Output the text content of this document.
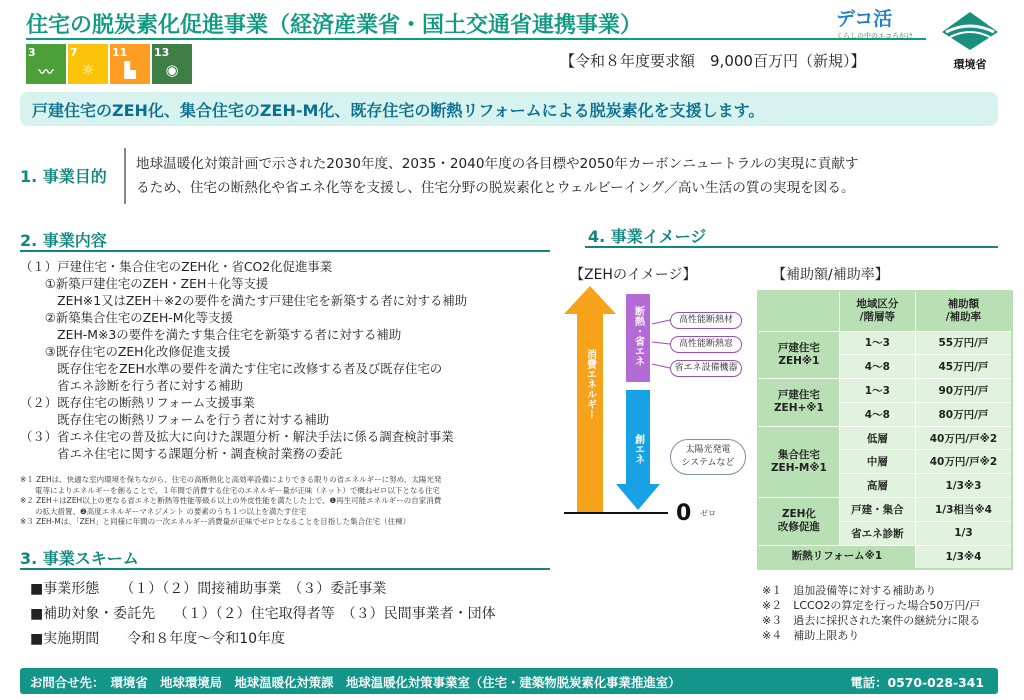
住宅の脱炭素化促進事業（経済産業省・国土交通省連携事業）
3
〰
7
☼
11
▙
13
◉	【令和８年度要求額　9,000百万円（新規）】
デコ活
くらしの中のエコろがけ
環境省
戸建住宅のZEH化、集合住宅のZEH-M化、既存住宅の断熱リフォームによる脱炭素化を支援します。
1. 事業目的
地球温暖化対策計画で示された2030年度、2035・2040年度の各目標や2050年カーボンニュートラルの実現に貢献す
るため、住宅の断熱化や省エネ化等を支援し、住宅分野の脱炭素化とウェルビーイング／高い生活の質の実現を図る。
2. 事業内容
（１）戸建住宅・集合住宅のZEH化・省CO2化促進事業
　　①新築戸建住宅のZEH・ZEH＋化等支援
　　　ZEH※1又はZEH＋※2の要件を満たす戸建住宅を新築する者に対する補助
　　②新築集合住宅のZEH-M化等支援
　　　ZEH-M※3の要件を満たす集合住宅を新築する者に対する補助
　　③既存住宅のZEH化改修促進支援
　　　既存住宅をZEH水準の要件を満たす住宅に改修する者及び既存住宅の
　　　省エネ診断を行う者に対する補助
（２）既存住宅の断熱リフォーム支援事業
　　　既存住宅の断熱リフォームを行う者に対する補助
（３）省エネ住宅の普及拡大に向けた課題分析・解決手法に係る調査検討事業
　　　省エネ住宅に関する課題分析・調査検討業務の委託
※１ ZEHは、快適な室内環境を保ちながら、住宅の高断熱化と高効率設備によりできる限りの省エネルギーに努め、太陽光発
　　電等によりエネルギーを創ることで、１年間で消費する住宅のエネルギー量が正味（ネット）で概ねゼロ以下となる住宅
※２ ZEH＋はZEH以上の更なる省エネと断熱等性能等級６以上の外皮性能を満たした上で、❶再生可能エネルギーの自家消費
　　の拡大措置、❷高度エネルギーマネジメント の要素のうち１つ以上を満たす住宅
※３ ZEH-Mは、「ZEH」と同様に年間の一次エネルギー消費量が正味でゼロとなることを目指した集合住宅（住棟）
3. 事業スキーム
■事業形態　　（１）（２）間接補助事業　（３）委託事業
■補助対象・委託先　 （１）（２）住宅取得者等　（３）民間事業者・団体
■実施期間　　令和８年度～令和10年度
4. 事業イメージ
【ZEHのイメージ】	【補助額/補助率】
消費エネルギー
断熱・省エネ
創エネ
0 ゼロ
高性能断熱材
高性能断熱窓
省エネ設備機器
太陽光発電
システムなど
	地域区分
/階層等	補助額
/補助率
戸建住宅
ZEH※1	1～3	55万円/戸
	4～8	45万円/戸
戸建住宅
ZEH+※1	1～3	90万円/戸
	4～8	80万円/戸
集合住宅
ZEH-M※1	低層	40万円/戸※2
	中層	40万円/戸※2
	高層	1/3※3
ZEH化
改修促進	戸建・集合	1/3相当※4
	省エネ診断	1/3
断熱リフォーム※1		1/3※4
※１　追加設備等に対する補助あり
※２　LCCO2の算定を行った場合50万円/戸
※３　過去に採択された案件の継続分に限る
※４　補助上限あり
お問合せ先：　環境省　地球環境局　地球温暖化対策課　地球温暖化対策事業室（住宅・建築物脱炭素化事業推進室）	電話：0570-028-341
